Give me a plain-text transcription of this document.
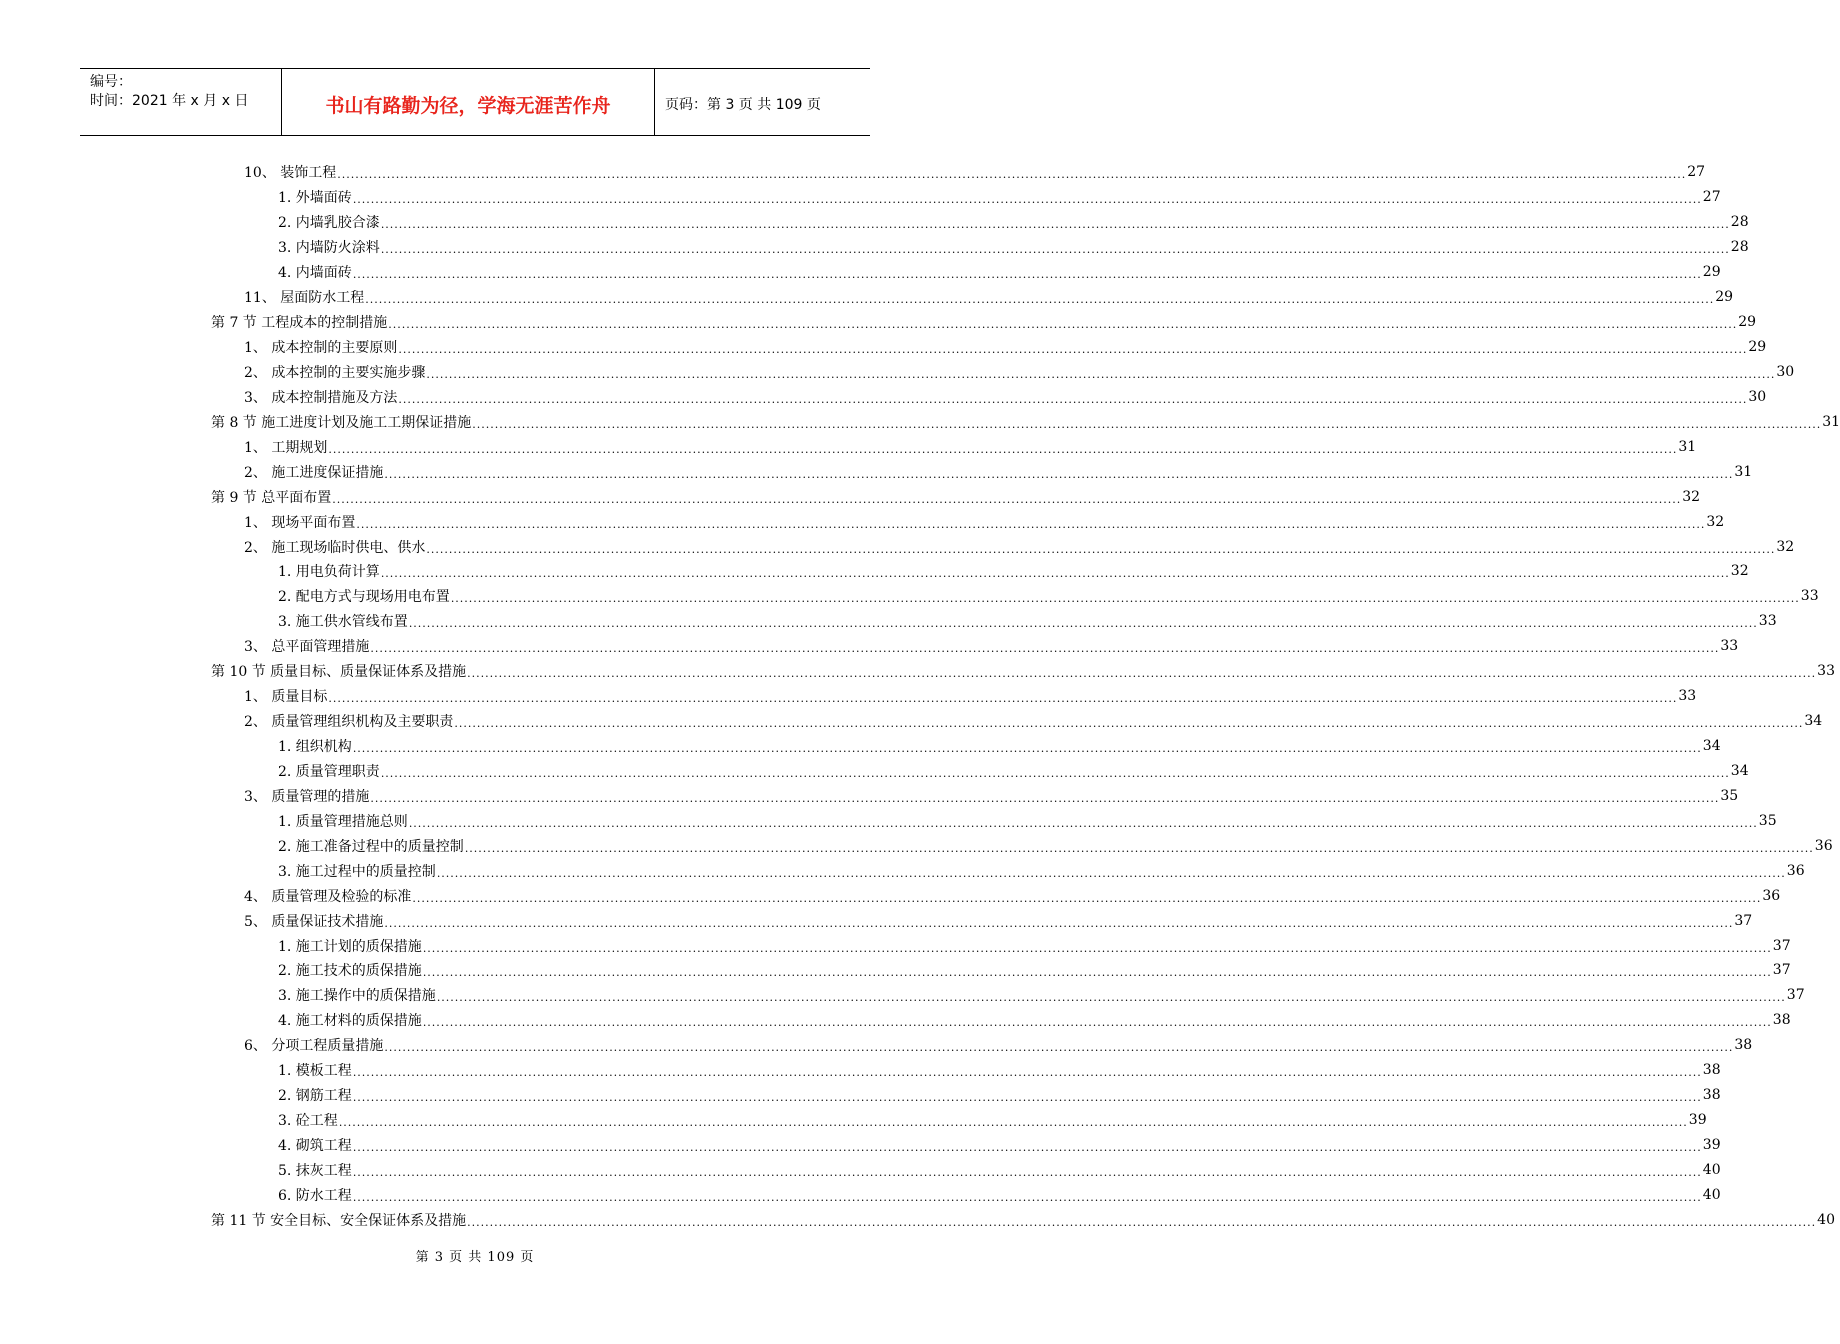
编号：
时间：2021 年 x 月 x 日	书山有路勤为径，学海无涯苦作舟	页码：第 3 页 共 109 页
10、 装饰工程 ............................................................................................................................................................................................................................................................................................................ 27
1. 外墙面砖 ............................................................................................................................................................................................................................................................................................................ 27
2. 内墙乳胶合漆 ............................................................................................................................................................................................................................................................................................................ 28
3. 内墙防火涂料 ............................................................................................................................................................................................................................................................................................................ 28
4. 内墙面砖 ............................................................................................................................................................................................................................................................................................................ 29
11、 屋面防水工程 ............................................................................................................................................................................................................................................................................................................ 29
第 7 节 工程成本的控制措施 ............................................................................................................................................................................................................................................................................................................ 29
1、 成本控制的主要原则 ............................................................................................................................................................................................................................................................................................................ 29
2、 成本控制的主要实施步骤 ............................................................................................................................................................................................................................................................................................................ 30
3、 成本控制措施及方法 ............................................................................................................................................................................................................................................................................................................ 30
第 8 节 施工进度计划及施工工期保证措施 ............................................................................................................................................................................................................................................................................................................ 31
1、 工期规划 ............................................................................................................................................................................................................................................................................................................ 31
2、 施工进度保证措施 ............................................................................................................................................................................................................................................................................................................ 31
第 9 节 总平面布置 ............................................................................................................................................................................................................................................................................................................ 32
1、 现场平面布置 ............................................................................................................................................................................................................................................................................................................ 32
2、 施工现场临时供电、供水 ............................................................................................................................................................................................................................................................................................................ 32
1. 用电负荷计算 ............................................................................................................................................................................................................................................................................................................ 32
2. 配电方式与现场用电布置 ............................................................................................................................................................................................................................................................................................................ 33
3. 施工供水管线布置 ............................................................................................................................................................................................................................................................................................................ 33
3、 总平面管理措施 ............................................................................................................................................................................................................................................................................................................ 33
第 10 节 质量目标、质量保证体系及措施 ............................................................................................................................................................................................................................................................................................................ 33
1、 质量目标 ............................................................................................................................................................................................................................................................................................................ 33
2、 质量管理组织机构及主要职责 ............................................................................................................................................................................................................................................................................................................ 34
1. 组织机构 ............................................................................................................................................................................................................................................................................................................ 34
2. 质量管理职责 ............................................................................................................................................................................................................................................................................................................ 34
3、 质量管理的措施 ............................................................................................................................................................................................................................................................................................................ 35
1. 质量管理措施总则 ............................................................................................................................................................................................................................................................................................................ 35
2. 施工准备过程中的质量控制 ............................................................................................................................................................................................................................................................................................................ 36
3. 施工过程中的质量控制 ............................................................................................................................................................................................................................................................................................................ 36
4、 质量管理及检验的标准 ............................................................................................................................................................................................................................................................................................................ 36
5、 质量保证技术措施 ............................................................................................................................................................................................................................................................................................................ 37
1. 施工计划的质保措施 ............................................................................................................................................................................................................................................................................................................ 37
2. 施工技术的质保措施 ............................................................................................................................................................................................................................................................................................................ 37
3. 施工操作中的质保措施 ............................................................................................................................................................................................................................................................................................................ 37
4. 施工材料的质保措施 ............................................................................................................................................................................................................................................................................................................ 38
6、 分项工程质量措施 ............................................................................................................................................................................................................................................................................................................ 38
1. 模板工程 ............................................................................................................................................................................................................................................................................................................ 38
2. 钢筋工程 ............................................................................................................................................................................................................................................................................................................ 38
3. 砼工程 ............................................................................................................................................................................................................................................................................................................ 39
4. 砌筑工程 ............................................................................................................................................................................................................................................................................................................ 39
5. 抹灰工程 ............................................................................................................................................................................................................................................................................................................ 40
6. 防水工程 ............................................................................................................................................................................................................................................................................................................ 40
第 11 节 安全目标、安全保证体系及措施 ............................................................................................................................................................................................................................................................................................................ 40
第 3 页 共 109 页
